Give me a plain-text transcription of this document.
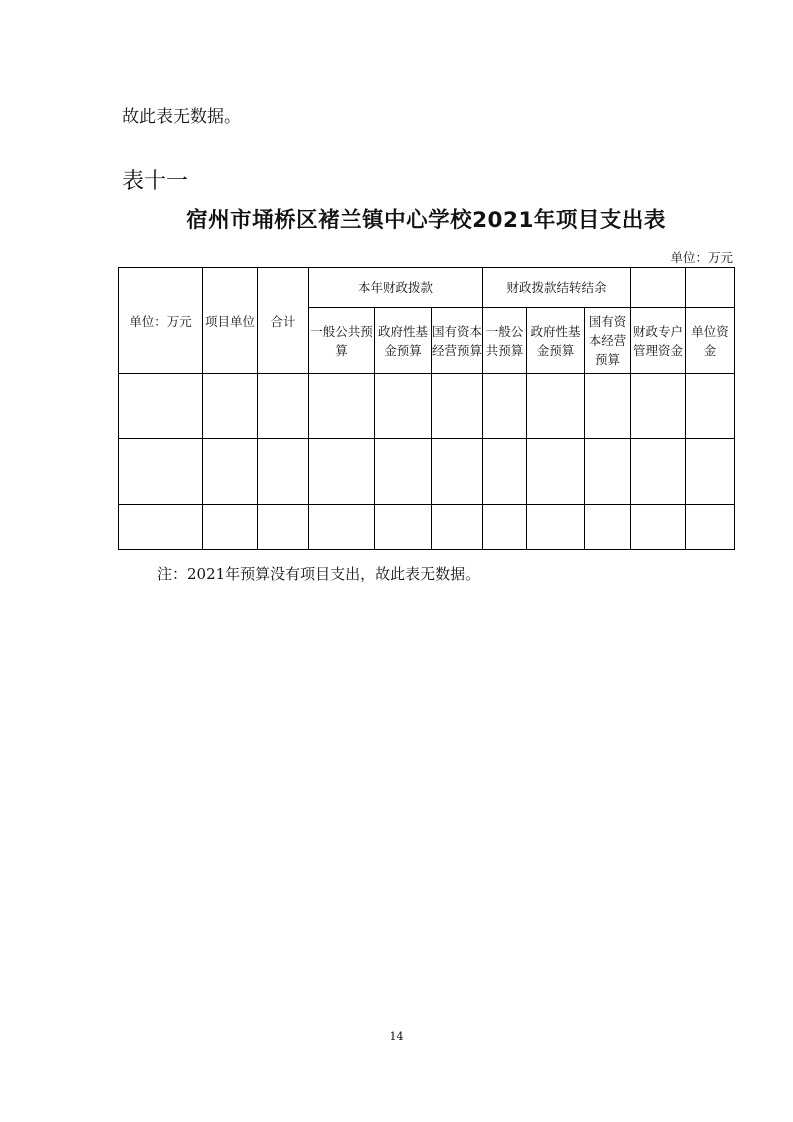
故此表无数据。
表十一
宿州市埇桥区褚兰镇中心学校2021年项目支出表
单位：万元
单位：万元	项目单位	合计	本年财政拨款			财政拨款结转结余				
			一般公共预算	政府性基金预算	国有资本经营预算	一般公共预算	政府性基金预算	国有资本经营预算	财政专户管理资金	单位资金

注：2021年预算没有项目支出，故此表无数据。
14
